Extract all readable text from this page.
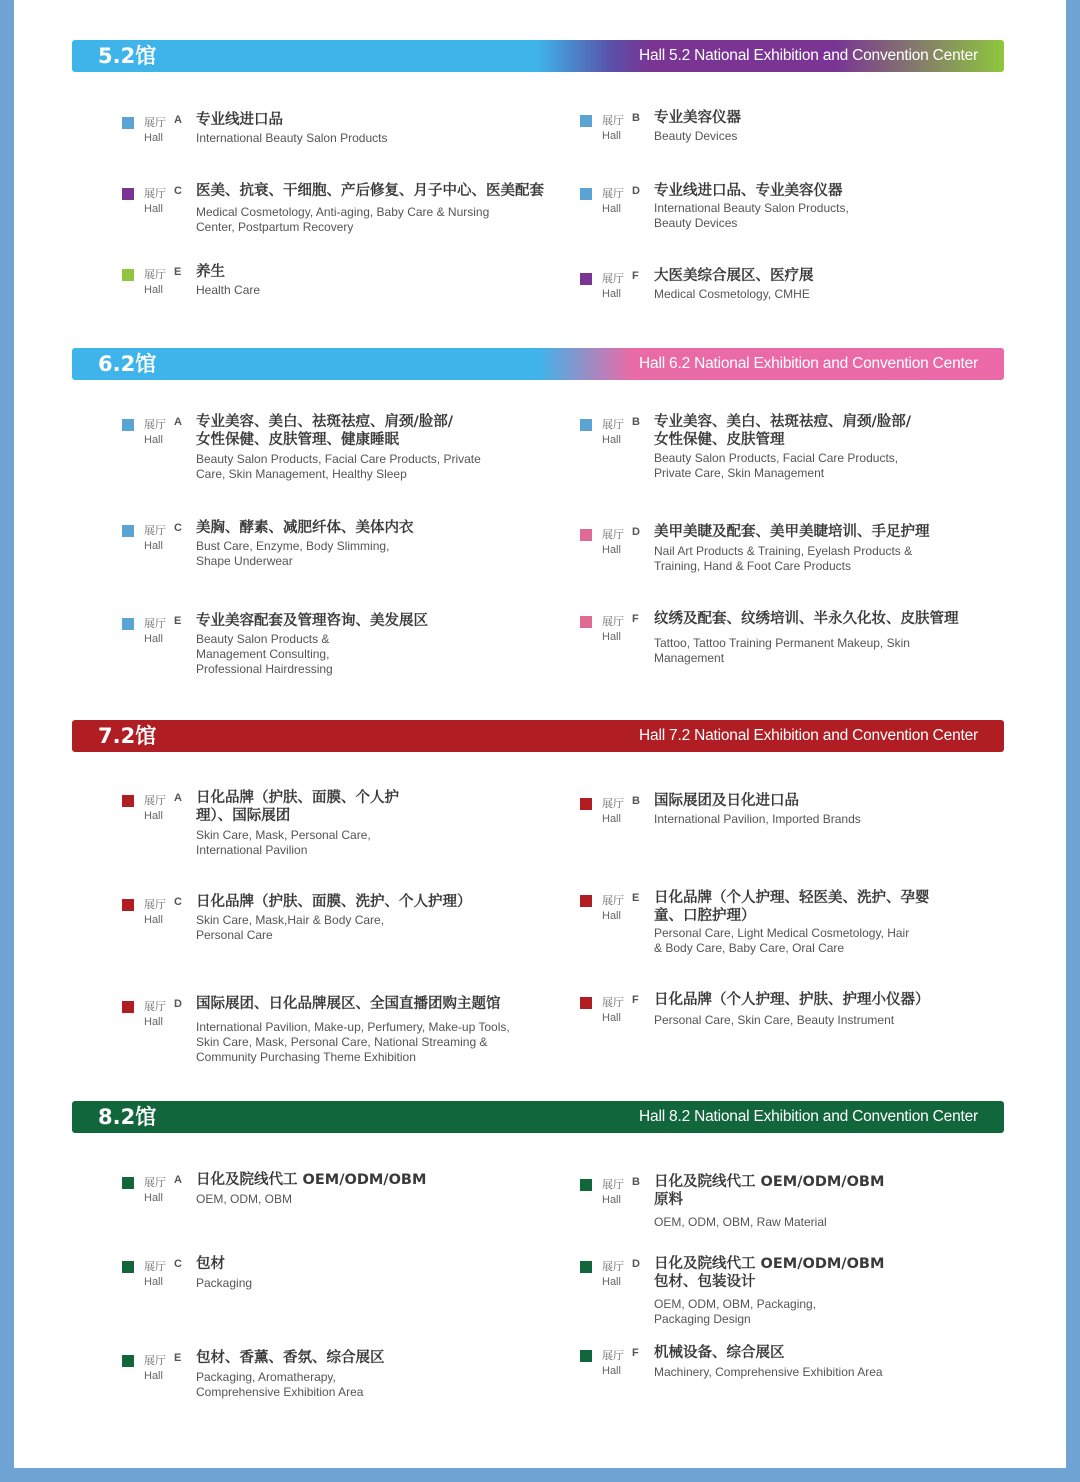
5.2馆	Hall 5.2 National Exhibition and Convention Center
展厅
Hall
A 专业线进口品
International Beauty Salon Products
展厅
Hall
B 专业美容仪器
Beauty Devices
展厅
Hall
C 医美、抗衰、干细胞、产后修复、月子中心、医美配套
Medical Cosmetology, Anti-aging, Baby Care & Nursing Center, Postpartum Recovery
展厅
Hall
D 专业线进口品、专业美容仪器
International Beauty Salon Products, Beauty Devices
展厅
Hall
E 养生
Health Care
展厅
Hall
F 大医美综合展区、医疗展
Medical Cosmetology, CMHE
6.2馆	Hall 6.2 National Exhibition and Convention Center
展厅
Hall
A 专业美容、美白、祛斑祛痘、肩颈/脸部/女性保健、皮肤管理、健康睡眠
Beauty Salon Products, Facial Care Products, Private Care, Skin Management, Healthy Sleep
展厅
Hall
B 专业美容、美白、祛斑祛痘、肩颈/脸部/女性保健、皮肤管理
Beauty Salon Products, Facial Care Products, Private Care, Skin Management
展厅
Hall
C 美胸、酵素、减肥纤体、美体内衣
Bust Care, Enzyme, Body Slimming, Shape Underwear
展厅
Hall
D 美甲美睫及配套、美甲美睫培训、手足护理
Nail Art Products & Training, Eyelash Products & Training, Hand & Foot Care Products
展厅
Hall
E 专业美容配套及管理咨询、美发展区
Beauty Salon Products & Management Consulting, Professional Hairdressing
展厅
Hall
F 纹绣及配套、纹绣培训、半永久化妆、皮肤管理
Tattoo, Tattoo Training Permanent Makeup, Skin Management
7.2馆	Hall 7.2 National Exhibition and Convention Center
展厅
Hall
A 日化品牌（护肤、面膜、个人护理）、国际展团
Skin Care, Mask, Personal Care, International Pavilion
展厅
Hall
B 国际展团及日化进口品
International Pavilion, Imported Brands
展厅
Hall
C 日化品牌（护肤、面膜、洗护、个人护理）
Skin Care, Mask,Hair & Body Care, Personal Care
展厅
Hall
E 日化品牌（个人护理、轻医美、洗护、孕婴童、口腔护理）
Personal Care, Light Medical Cosmetology, Hair & Body Care, Baby Care, Oral Care
展厅
Hall
D 国际展团、日化品牌展区、全国直播团购主题馆
International Pavilion, Make-up, Perfumery, Make-up Tools, Skin Care, Mask, Personal Care, National Streaming & Community Purchasing Theme Exhibition
展厅
Hall
F 日化品牌（个人护理、护肤、护理小仪器）
Personal Care, Skin Care, Beauty Instrument
8.2馆	Hall 8.2 National Exhibition and Convention Center
展厅
Hall
A 日化及院线代工 OEM/ODM/OBM
OEM, ODM, OBM
展厅
Hall
B 日化及院线代工 OEM/ODM/OBM 原料
OEM, ODM, OBM, Raw Material
展厅
Hall
C 包材
Packaging
展厅
Hall
D 日化及院线代工 OEM/ODM/OBM 包材、包装设计
OEM, ODM, OBM, Packaging, Packaging Design
展厅
Hall
E 包材、香薰、香氛、综合展区
Packaging, Aromatherapy, Comprehensive Exhibition Area
展厅
Hall
F 机械设备、综合展区
Machinery, Comprehensive Exhibition Area
